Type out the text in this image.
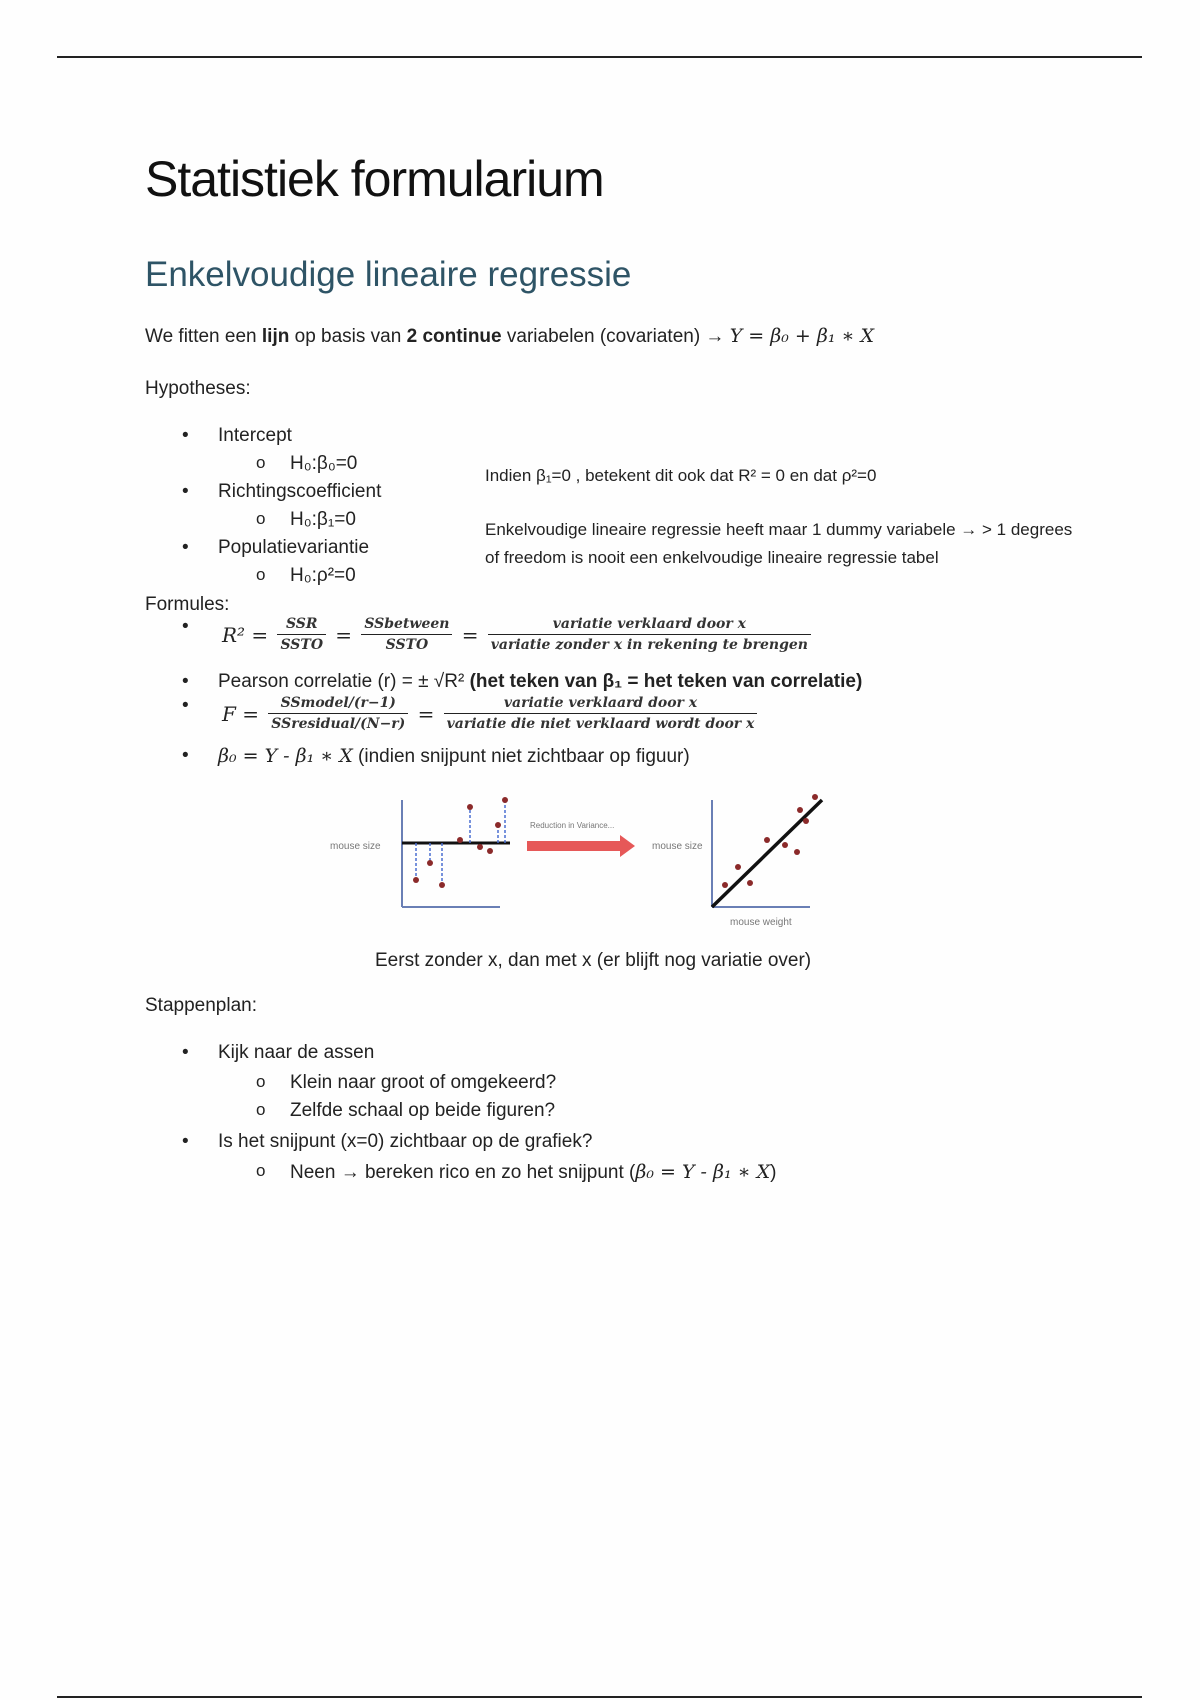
Statistiek formularium
Enkelvoudige lineaire regressie
We fitten een lijn op basis van 2 continue variabelen (covariaten) → Y = β₀ + β₁ ∗ X
Hypotheses:
• Intercept
o H₀:β₀=0
• Richtingscoefficient
o H₀:β₁=0
• Populatievariantie
o H₀:ρ²=0
Indien β₁=0 , betekent dit ook dat R² = 0 en dat ρ²=0
Enkelvoudige lineaire regressie heeft maar 1 dummy variabele → > 1 degrees
of freedom is nooit een enkelvoudige lineaire regressie tabel
Formules:
• $R^2 = \frac{\text{SSR}}{\text{SSTO}} = \frac{\text{SSbetween}}{\text{SSTO}} = \frac{\text{variatie verklaard door x}}{\text{variatie zonder x in rekening te brengen}}$
• Pearson correlatie (r) = ± √R² (het teken van β₁ = het teken van correlatie)
• $F = \frac{\text{SSmodel/(r−1)}}{\text{SSresidual/(N−r)}} = \frac{\text{variatie verklaard door x}}{\text{variatie die niet verklaard wordt door x}}$
• β₀ = Y - β₁ ∗ X (indien snijpunt niet zichtbaar op figuur)
mouse size
Reduction in Variance...
mouse size
mouse weight
Eerst zonder x, dan met x (er blijft nog variatie over)
Stappenplan:
• Kijk naar de assen
o Klein naar groot of omgekeerd?
o Zelfde schaal op beide figuren?
• Is het snijpunt (x=0) zichtbaar op de grafiek?
o Neen → bereken rico en zo het snijpunt (β₀ = Y - β₁ ∗ X)
